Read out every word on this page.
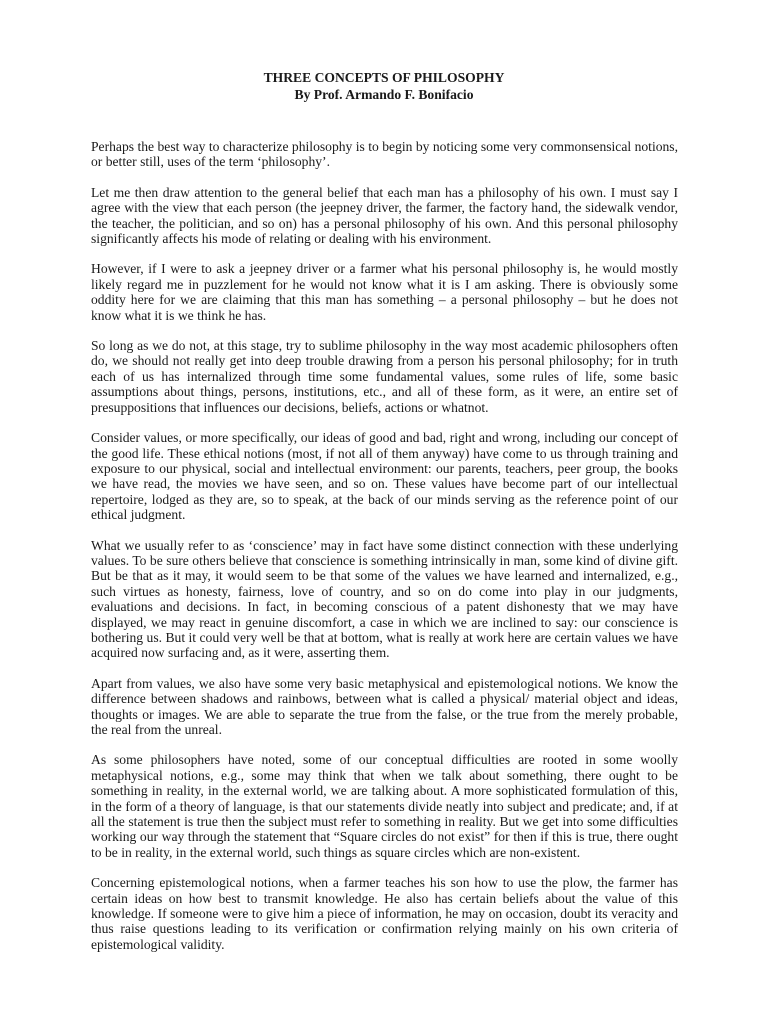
THREE CONCEPTS OF PHILOSOPHY
By Prof. Armando F. Bonifacio

Perhaps the best way to characterize philosophy is to begin by noticing some very commonsensical notions, or better still, uses of the term ‘philosophy’.

Let me then draw attention to the general belief that each man has a philosophy of his own. I must say I agree with the view that each person (the jeepney driver, the farmer, the factory hand, the sidewalk vendor, the teacher, the politician, and so on) has a personal philosophy of his own. And this personal philosophy significantly affects his mode of relating or dealing with his environment.

However, if I were to ask a jeepney driver or a farmer what his personal philosophy is, he would mostly likely regard me in puzzlement for he would not know what it is I am asking. There is obviously some oddity here for we are claiming that this man has something – a personal philosophy – but he does not know what it is we think he has.

So long as we do not, at this stage, try to sublime philosophy in the way most academic philosophers often do, we should not really get into deep trouble drawing from a person his personal philosophy; for in truth each of us has internalized through time some fundamental values, some rules of life, some basic assumptions about things, persons, institutions, etc., and all of these form, as it were, an entire set of presuppositions that influences our decisions, beliefs, actions or whatnot.

Consider values, or more specifically, our ideas of good and bad, right and wrong, including our concept of the good life. These ethical notions (most, if not all of them anyway) have come to us through training and exposure to our physical, social and intellectual environment: our parents, teachers, peer group, the books we have read, the movies we have seen, and so on. These values have become part of our intellectual repertoire, lodged as they are, so to speak, at the back of our minds serving as the reference point of our ethical judgment.

What we usually refer to as ‘conscience’ may in fact have some distinct connection with these underlying values. To be sure others believe that conscience is something intrinsically in man, some kind of divine gift. But be that as it may, it would seem to be that some of the values we have learned and internalized, e.g., such virtues as honesty, fairness, love of country, and so on do come into play in our judgments, evaluations and decisions. In fact, in becoming conscious of a patent dishonesty that we may have displayed, we may react in genuine discomfort, a case in which we are inclined to say: our conscience is bothering us. But it could very well be that at bottom, what is really at work here are certain values we have acquired now surfacing and, as it were, asserting them.

Apart from values, we also have some very basic metaphysical and epistemological notions. We know the difference between shadows and rainbows, between what is called a physical/ material object and ideas, thoughts or images. We are able to separate the true from the false, or the true from the merely probable, the real from the unreal.

As some philosophers have noted, some of our conceptual difficulties are rooted in some woolly metaphysical notions, e.g., some may think that when we talk about something, there ought to be something in reality, in the external world, we are talking about. A more sophisticated formulation of this, in the form of a theory of language, is that our statements divide neatly into subject and predicate; and, if at all the statement is true then the subject must refer to something in reality. But we get into some difficulties working our way through the statement that “Square circles do not exist” for then if this is true, there ought to be in reality, in the external world, such things as square circles which are non-existent.

Concerning epistemological notions, when a farmer teaches his son how to use the plow, the farmer has certain ideas on how best to transmit knowledge. He also has certain beliefs about the value of this knowledge. If someone were to give him a piece of information, he may on occasion, doubt its veracity and thus raise questions leading to its verification or confirmation relying mainly on his own criteria of epistemological validity.
